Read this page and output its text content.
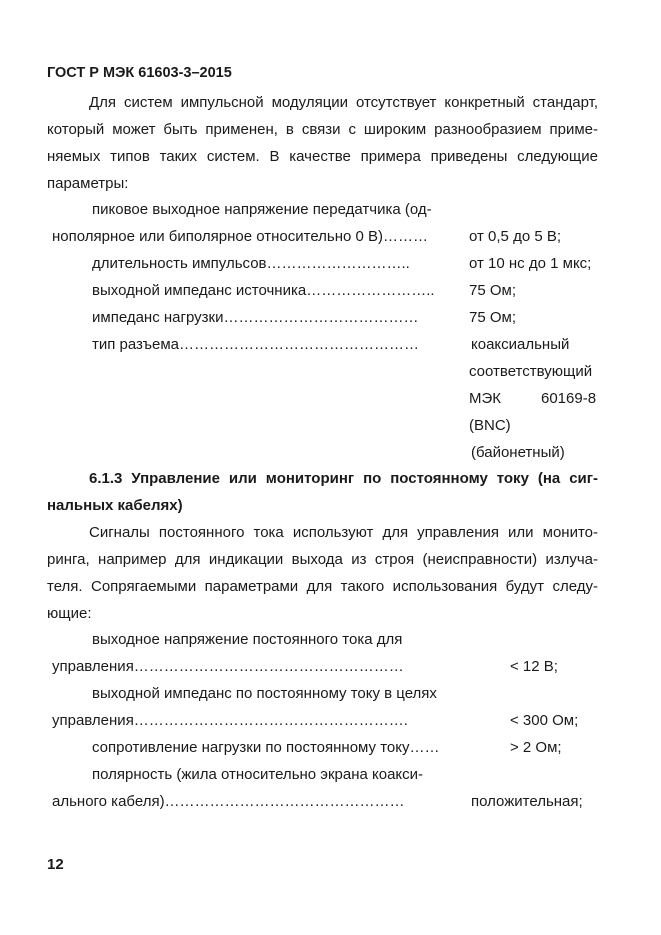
ГОСТ Р МЭК 61603-3–2015
Для систем импульсной модуляции отсутствует конкретный стандарт, который может быть применен, в связи с широким разнообразием приме-няемых типов таких систем. В качестве примера приведены следующие параметры:
пиковое выходное напряжение передатчика (од-
нополярное или биполярное относительно 0 В)………	от 0,5 до 5 В;
длительность импульсов………………………..	от 10 нс до 1 мкс;
выходной импеданс источника…………………….. 75 Ом;
импеданс нагрузки…………………………………	75 Ом;
тип разъема…………………………………………	коаксиальный
соответствующий
МЭК	60169-8
(BNC)
(байонетный)
6.1.3 Управление или мониторинг по постоянному току (на сиг-нальных кабелях)
Сигналы постоянного тока используют для управления или монито-ринга, например для индикации выхода из строя (неисправности) излуча-теля. Сопрягаемыми параметрами для такого использования будут следу-ющие:
выходное напряжение постоянного тока для
управления………………………………………………	< 12 В;
выходной импеданс по постоянному току в целях
управления……………………………………………….	< 300 Ом;
сопротивление нагрузки по постоянному току……	> 2 Ом;
полярность (жила относительно экрана коакси-
ального кабеля)…………………………………………	положительная;
12
